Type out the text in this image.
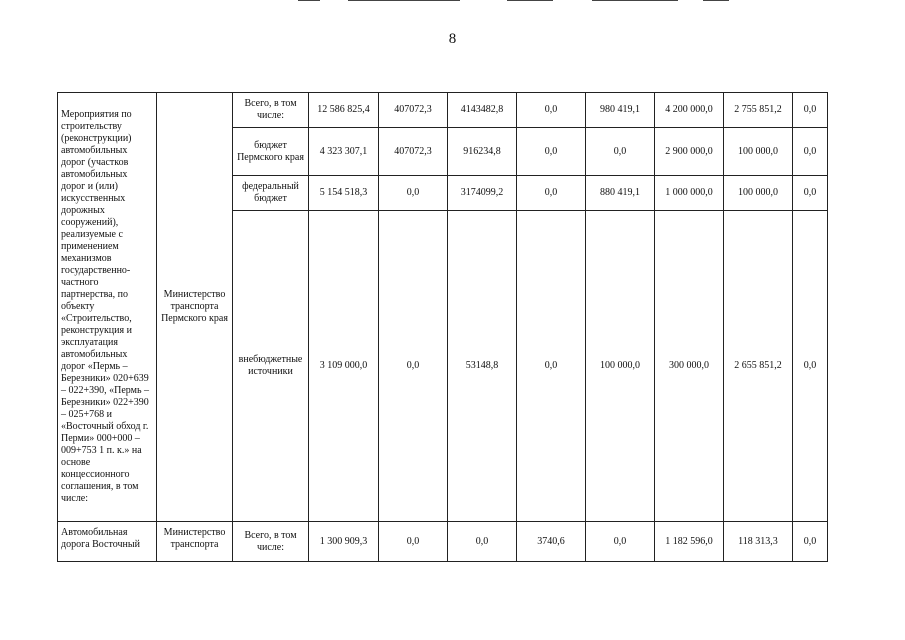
8
Мероприятия по строительству (реконструкции) автомобильных дорог (участков автомобильных дорог и (или) искусственных дорожных сооружений), реализуемые с применением механизмов государственно-частного партнерства, по объекту «Строительство, реконструкция и эксплуатация автомобильных дорог «Пермь – Березники» 020+639 – 022+390, «Пермь – Березники» 022+390 – 025+768 и «Восточный обход г. Перми» 000+000 – 009+753 1 п. к.» на основе концессионного соглашения, в том числе:	Министерство транспорта Пермского края	Всего, в том числе:	12 586 825,4	407072,3	4143482,8	0,0	980 419,1	4 200 000,0	2 755 851,2	0,0
		бюджет Пермского края	4 323 307,1	407072,3	916234,8	0,0	0,0	2 900 000,0	100 000,0	0,0
		федеральный бюджет	5 154 518,3	0,0	3174099,2	0,0	880 419,1	1 000 000,0	100 000,0	0,0
		внебюджетные источники	3 109 000,0	0,0	53148,8	0,0	100 000,0	300 000,0	2 655 851,2	0,0
Автомобильная дорога Восточный	Министерство транспорта	Всего, в том числе:	1 300 909,3	0,0	0,0	3740,6	0,0	1 182 596,0	118 313,3	0,0
